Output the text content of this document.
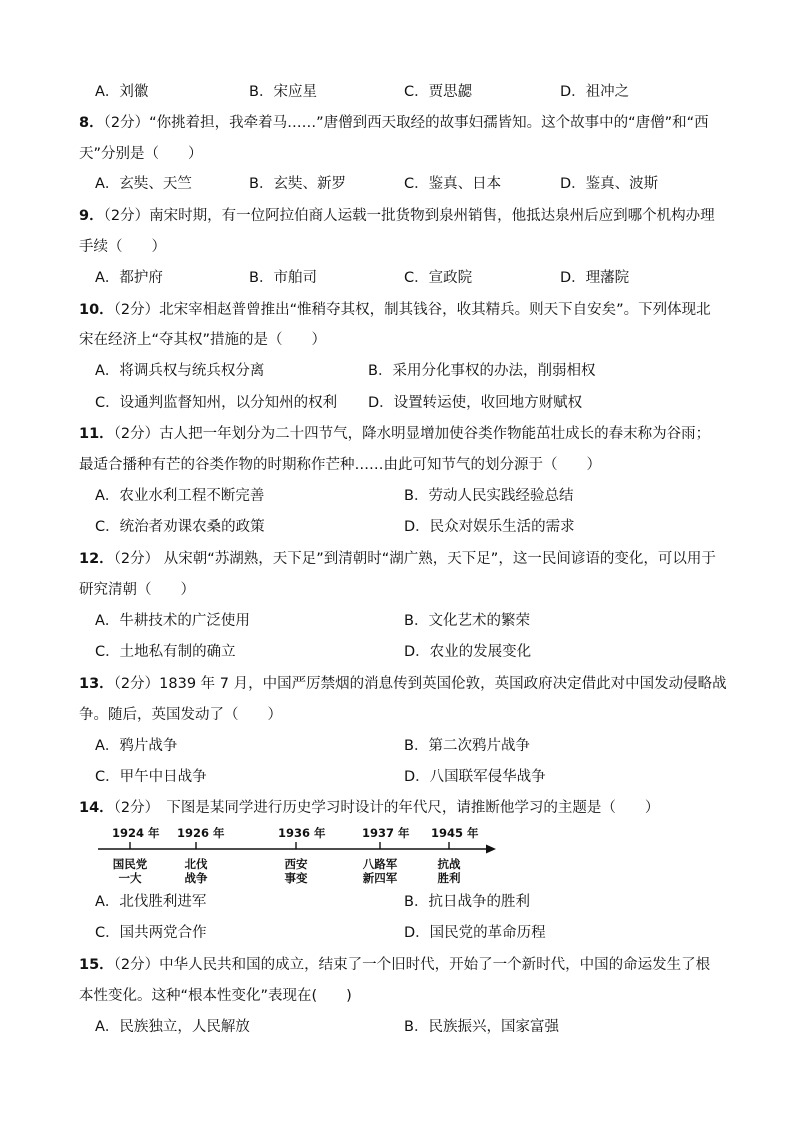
A．刘徽	B．宋应星	C．贾思勰	D．祖冲之
8．（2分）“你挑着担，我牵着马……”唐僧到西天取经的故事妇孺皆知。这个故事中的“唐僧”和“西
天”分别是（　　）
A．玄奘、天竺	B．玄奘、新罗	C．鉴真、日本	D．鉴真、波斯
9．（2分）南宋时期，有一位阿拉伯商人运载一批货物到泉州销售，他抵达泉州后应到哪个机构办理
手续（　　）
A．都护府	B．市舶司	C．宣政院	D．理藩院
10．（2分）北宋宰相赵普曾推出“惟稍夺其权，制其钱谷，收其精兵。则天下自安矣”。下列体现北
宋在经济上“夺其权”措施的是（　　）
A．将调兵权与统兵权分离	B．采用分化事权的办法，削弱相权
C．设通判监督知州，以分知州的权利 D．设置转运使，收回地方财赋权
11．（2分）古人把一年划分为二十四节气，降水明显增加使谷类作物能茁壮成长的春末称为谷雨；
最适合播种有芒的谷类作物的时期称作芒种……由此可知节气的划分源于（　　）
A．农业水利工程不断完善	B．劳动人民实践经验总结
C．统治者劝课农桑的政策	D．民众对娱乐生活的需求
12．（2分） 从宋朝“苏湖熟，天下足”到清朝时“湖广熟，天下足”，这一民间谚语的变化，可以用于
研究清朝（　　）
A．牛耕技术的广泛使用	B．文化艺术的繁荣
C．土地私有制的确立	D．农业的发展变化
13．（2分）1839 年 7 月，中国严厉禁烟的消息传到英国伦敦，英国政府决定借此对中国发动侵略战
争。随后，英国发动了（　　）
A．鸦片战争	B．第二次鸦片战争
C．甲午中日战争	D．八国联军侵华战争
14．（2分）　下图是某同学进行历史学习时设计的年代尺，请推断他学习的主题是（　　）
1924 年 1926 年	1936 年	1937 年 1945 年
国民党
一大
北伐
战争
西安
事变
八路军
新四军
抗战
胜利
A．北伐胜利进军	B．抗日战争的胜利
C．国共两党合作	D．国民党的革命历程
15．（2分）中华人民共和国的成立，结束了一个旧时代，开始了一个新时代，中国的命运发生了根
本性变化。这种“根本性变化”表现在(　　)
A．民族独立，人民解放	B．民族振兴，国家富强
